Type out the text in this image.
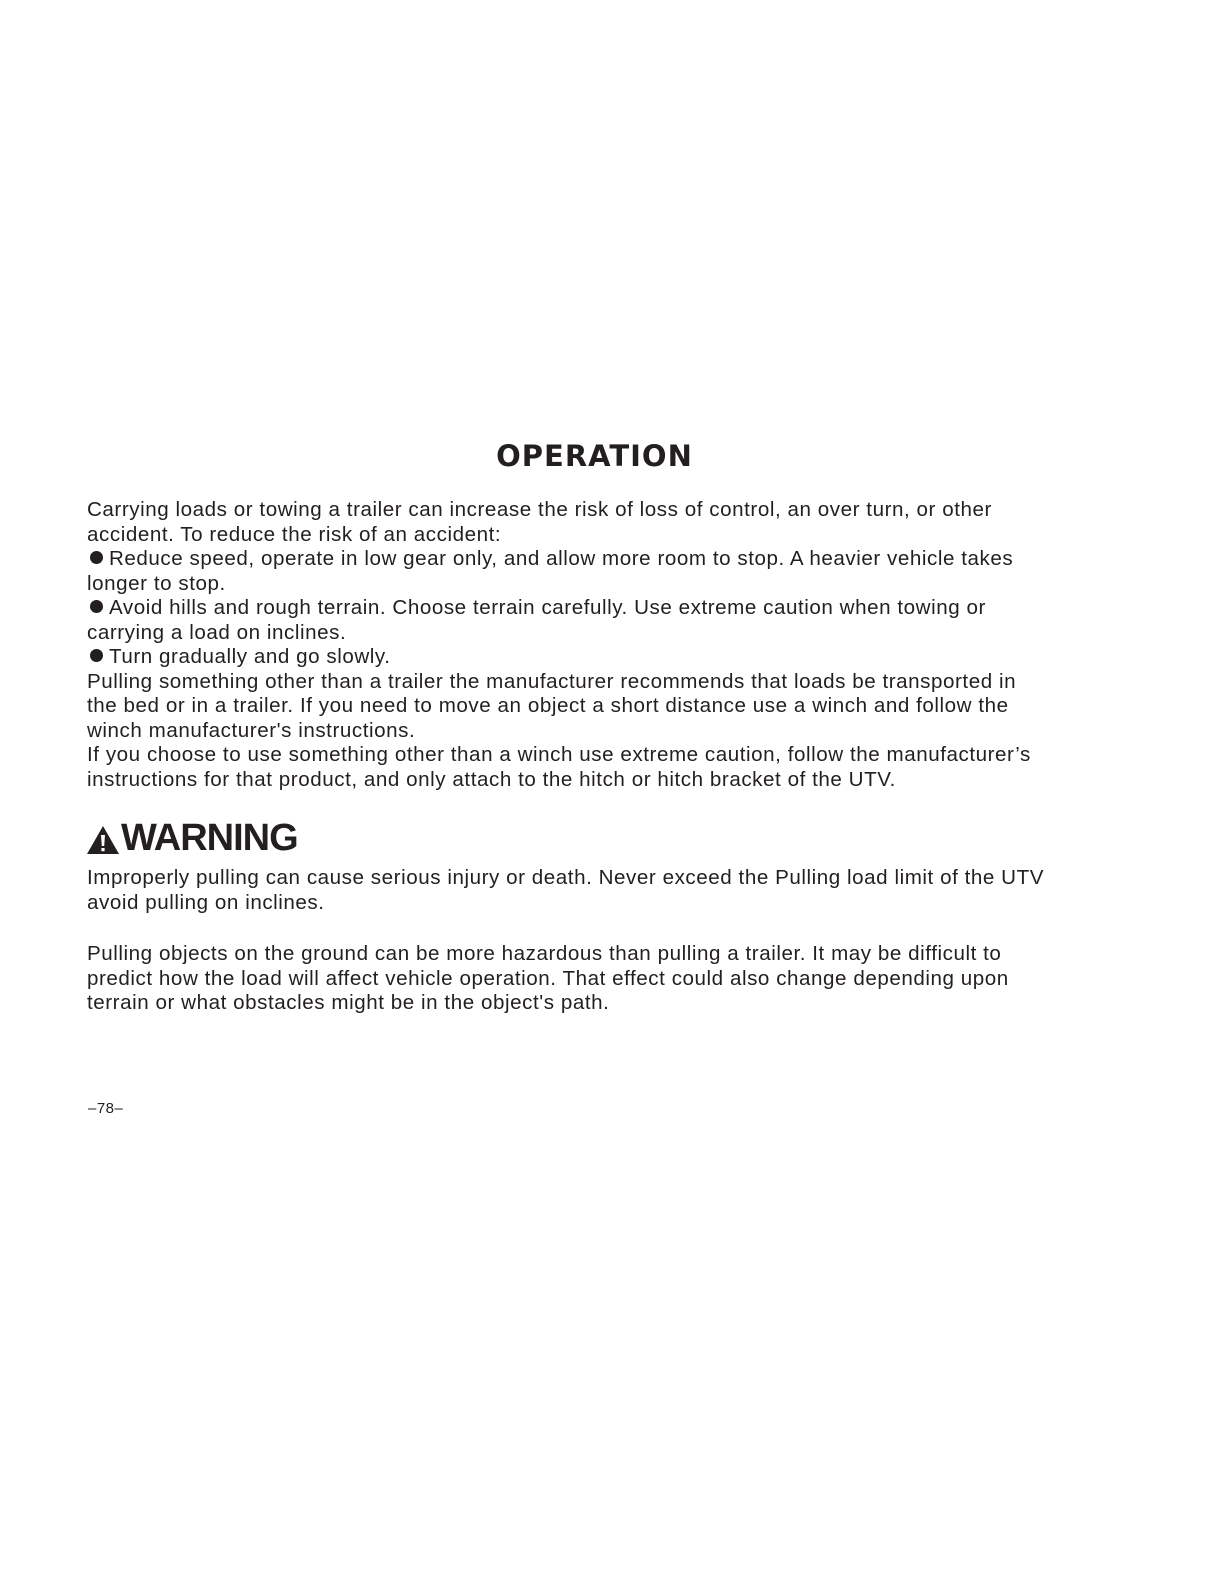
OPERATION

Carrying loads or towing a trailer can increase the risk of loss of control, an over turn, or other

accident. To reduce the risk of an accident:

Reduce speed, operate in low gear only, and allow more room to stop. A heavier vehicle takes

longer to stop.

Avoid hills and rough terrain. Choose terrain carefully. Use extreme caution when towing or

carrying a load on inclines.

Turn gradually and go slowly.

Pulling something other than a trailer the manufacturer recommends that loads be transported in

the bed or in a trailer. If you need to move an object a short distance use a winch and follow the

winch manufacturer's instructions.

If you choose to use something other than a winch use extreme caution, follow the manufacturer’s

instructions for that product, and only attach to the hitch or hitch bracket of the UTV.

WARNING

Improperly pulling can cause serious injury or death. Never exceed the Pulling load limit of the UTV

avoid pulling on inclines.

Pulling objects on the ground can be more hazardous than pulling a trailer. It may be difficult to

predict how the load will affect vehicle operation. That effect could also change depending upon

terrain or what obstacles might be in the object's path.

–78–
